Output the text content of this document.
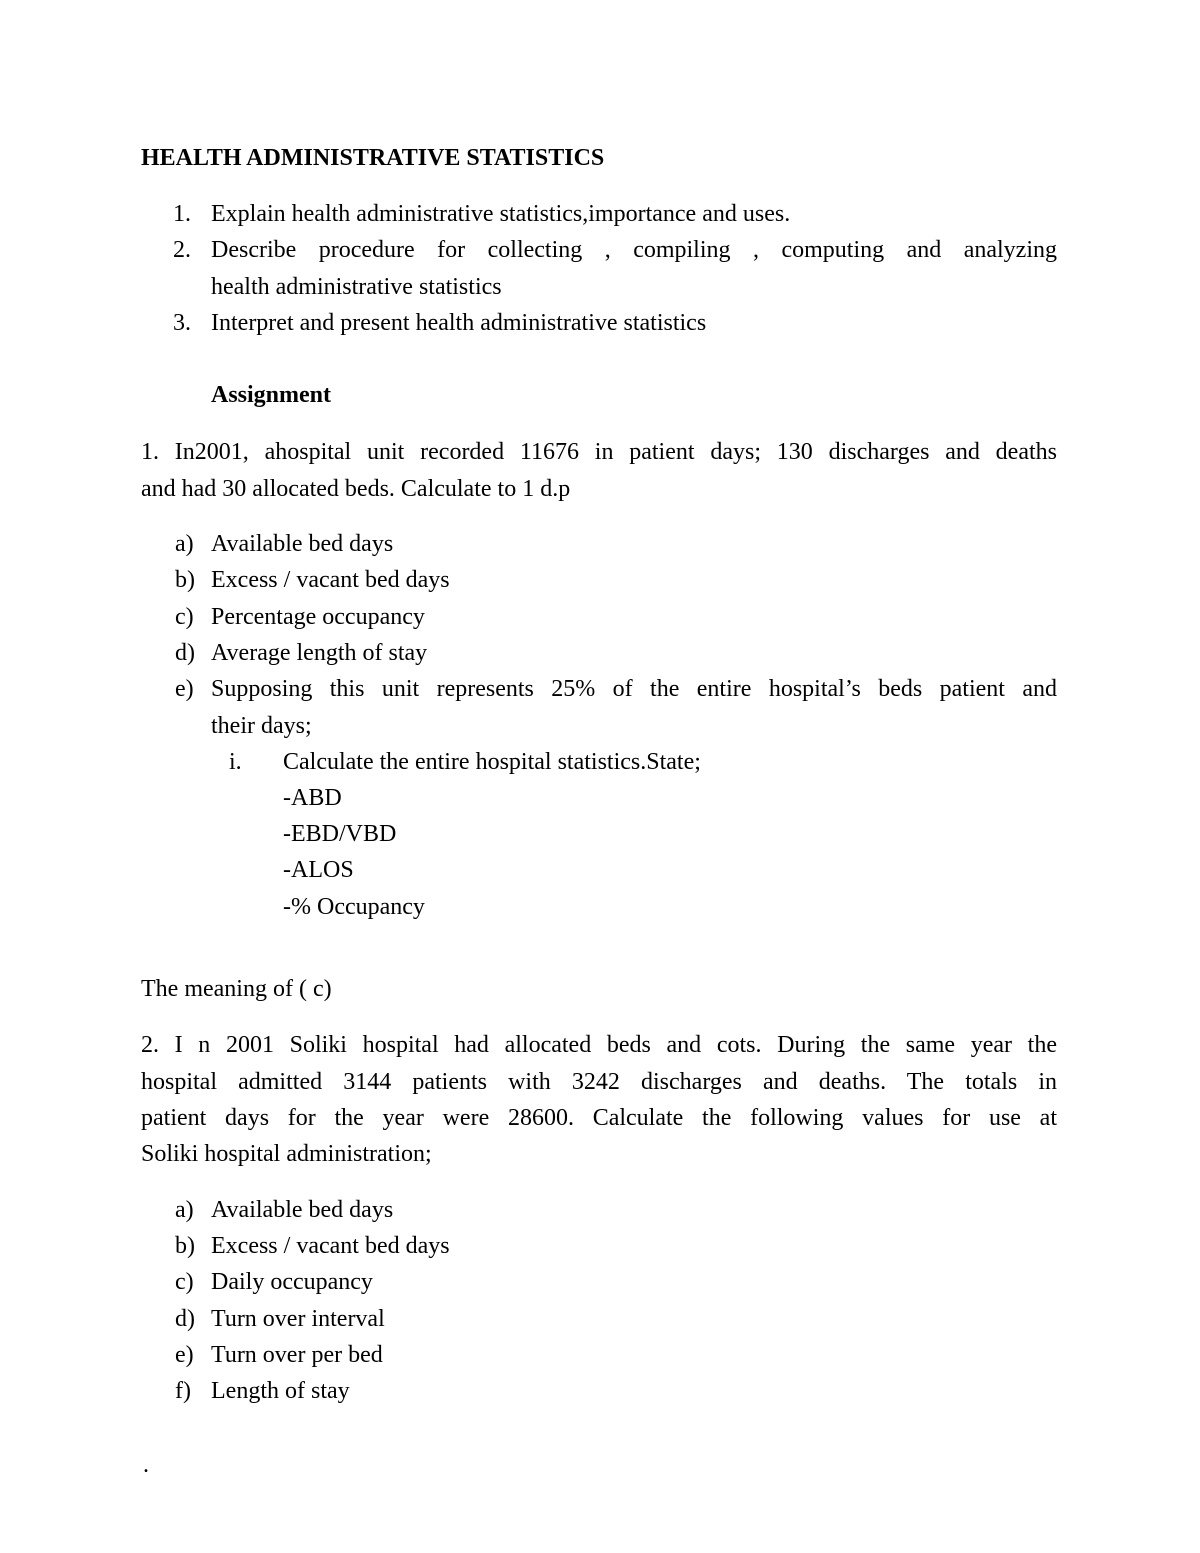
HEALTH ADMINISTRATIVE STATISTICS
1. Explain health administrative statistics,importance and uses.
2. Describe procedure for collecting , compiling , computing and analyzing
health administrative statistics
3. Interpret and present health administrative statistics
Assignment
1. In2001, ahospital unit recorded 11676 in patient days; 130 discharges and deaths
and had 30 allocated beds. Calculate to 1 d.p
a) Available bed days
b) Excess / vacant bed days
c) Percentage occupancy
d) Average length of stay
e) Supposing this unit represents 25% of the entire hospital’s beds patient and
their days;
i. Calculate the entire hospital statistics.State;
-ABD
-EBD/VBD
-ALOS
-% Occupancy
The meaning of ( c)
2. I n 2001 Soliki hospital had allocated beds and cots. During the same year the
hospital admitted 3144 patients with 3242 discharges and deaths. The totals in
patient days for the year were 28600. Calculate the following values for use at
Soliki hospital administration;
a) Available bed days
b) Excess / vacant bed days
c) Daily occupancy
d) Turn over interval
e) Turn over per bed
f) Length of stay
.
